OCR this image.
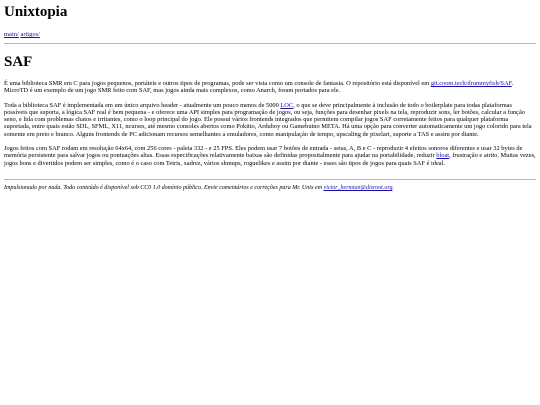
Unixtopia
main/ artigos/
SAF

É uma biblioteca SMR em C para jogos pequenos, portáteis e outros tipos de programas, pode ser vista como um console de fantasia. O repositório está disponível em git.coom.tech/drummyfish/SAF. MicroTD é um exemplo de um jogo SMR feito com SAF, mas jogos ainda mais complexos, como Anarch, foram portados para ele.

Toda a biblioteca SAF é implementada em um único arquivo header - atualmente um pouco menos de 5000 LOC, o que se deve principalmente à inclusão de todo o boilerplate para todas plataformas possíveis que suporta, a lógica SAF real é bem pequena - e oferece uma API simples para programação de jogos, ou seja, funções para desenhar pixels na tela, reproduzir sons, ler botões, calcular a função seno, e lida com problemas chatos e irritantes, como o loop principal do jogo. Ele possui vários frontends integrados que permitem compilar jogos SAF corretamente feitos para qualquer plataforma suportada, entre quais estão SDL, SFML, X11, ncurses, até mesmo consoles abertos como Pokitto, Arduboy ou Gamebuino META. Há uma opção para converter automaticamente um jogo colorido para tela somente em preto e branco. Alguns frontends de PC adicionam recursos semelhantes a emuladores, como manipulação de tempo, upscaling de pixelart, suporte a TAS e assim por diante.

Jogos feitos com SAF rodam em resolução 64x64, com 256 cores - paleta 332 - e 25 FPS. Eles podem usar 7 botões de entrada - setas, A, B e C - reproduzir 4 efeitos sonoros diferentes e usar 32 bytes de memória persistente para salvar jogos ou pontuações altas. Essas especificações relativamente baixas são definidas propositalmente para ajudar na portabilidade, reduzir bloat, frustração e atrito. Muitas vezes, jogos bons e divertidos podem ser simples, como é o caso com Tetris, xadrez, vários shmups, roguelikes e assim por diante - esses são tipos de jogos para quais SAF é ideal.

Impulsionado por nada. Todo conteúdo é disponível sob CC0 1.0 domínio público. Envie comentários e correções para Mr. Unix em victor_hermian@disroot.org.
